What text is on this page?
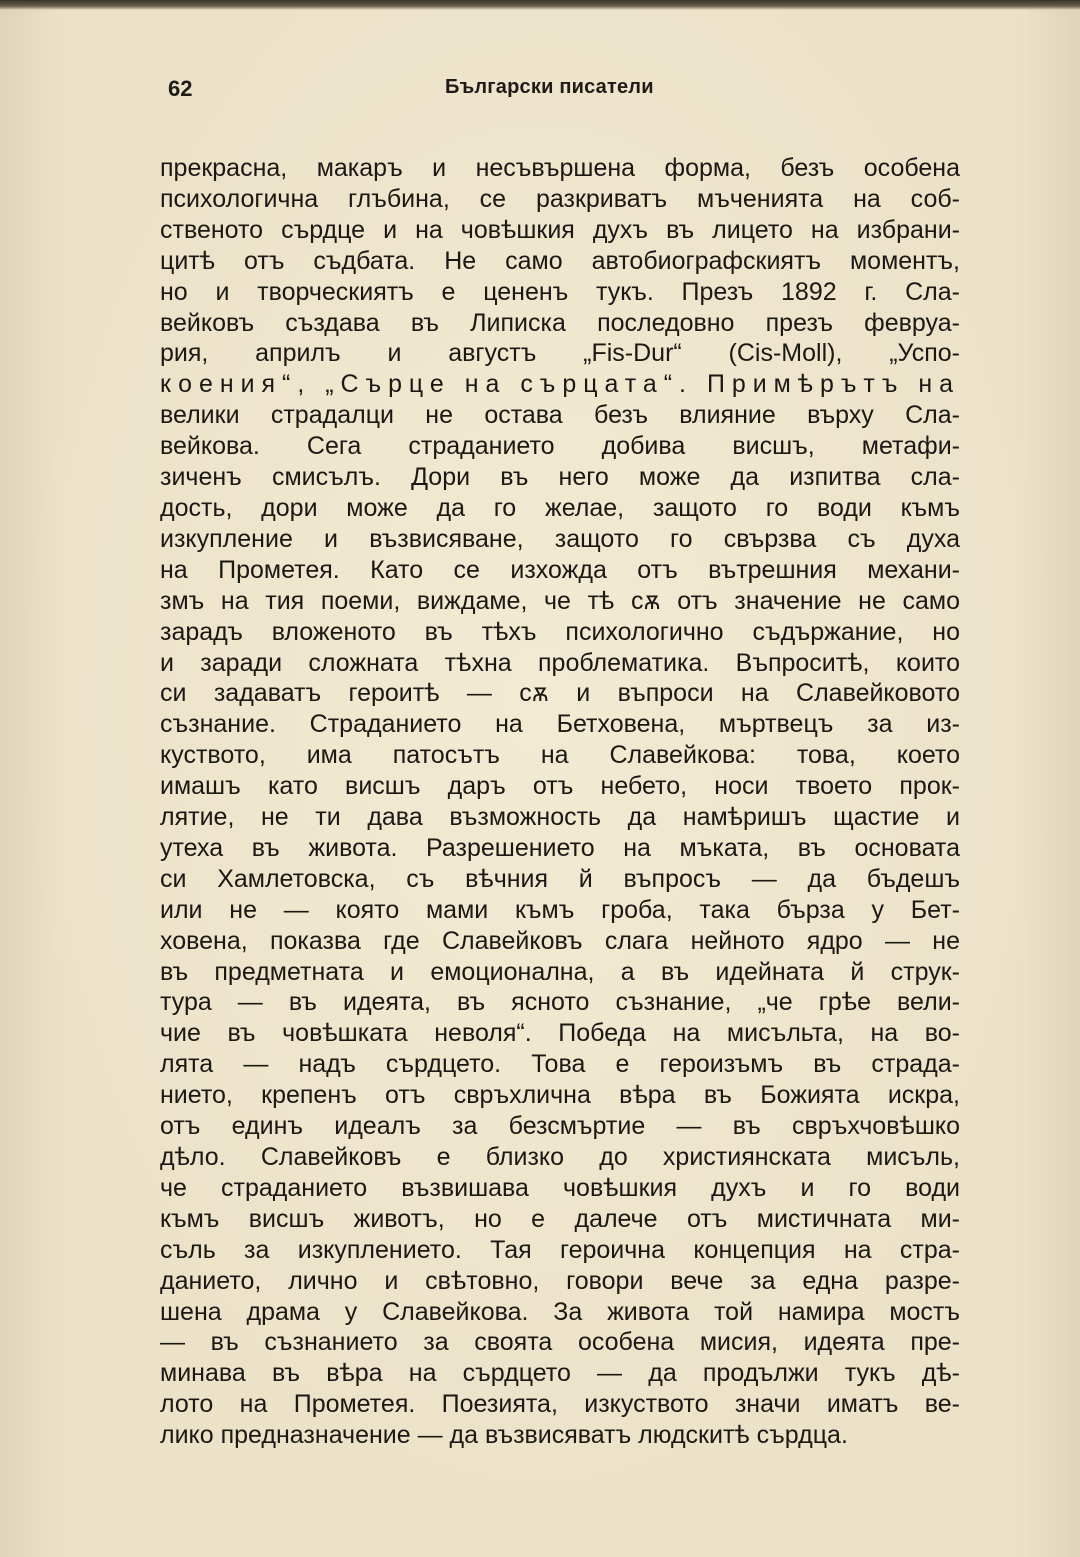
62	Български писатели
прекрасна, макаръ и несъвършена форма, безъ особена
психологична глъбина, се разкриватъ мъченията на соб-
ственото сърдце и на човѣшкия духъ въ лицето на избрани-
цитѣ отъ съдбата. Не само автобиографскиятъ моментъ,
но и творческиятъ е цененъ тукъ. Презъ 1892 г. Сла-
вейковъ създава въ Липиска последовно презъ февруа-
рия, априлъ и августъ „Fis-Dur“ (Cis-Moll), „Успо-
коения“, „Сърце на сърцата“. Примѣрътъ на
велики страдалци не остава безъ влияние върху Сла-
вейкова. Сега страданието добива висшъ, метафи-
зиченъ смисълъ. Дори въ него може да изпитва сла-
дость, дори може да го желае, защото го води къмъ
изкупление и възвисяване, защото го свързва съ духа
на Прометея. Като се изхожда отъ вътрешния механи-
змъ на тия поеми, виждаме, че тѣ сѫ отъ значение не само
зарадъ вложеното въ тѣхъ психологично съдържание, но
и заради сложната тѣхна проблематика. Въпроситѣ, които
си задаватъ героитѣ — сѫ и въпроси на Славейковото
съзнание. Страданието на Бетховена, мъртвецъ за из-
куството, има патосътъ на Славейкова: това, което
имашъ като висшъ даръ отъ небето, носи твоето прок-
лятие, не ти дава възможность да намѣришъ щастие и
утеха въ живота. Разрешението на мъката, въ основата
си Хамлетовска, съ вѣчния й въпросъ — да бъдешъ
или не — която мами къмъ гроба, така бърза у Бет-
ховена, показва где Славейковъ слага нейното ядро — не
въ предметната и емоционална, а въ идейната й струк-
тура — въ идеята, въ ясното съзнание, „че грѣе вели-
чие въ човѣшката неволя“. Победа на мисъльта, на во-
лята — надъ сърдцето. Това е героизъмъ въ страда-
нието, крепенъ отъ свръхлична вѣра въ Божията искра,
отъ единъ идеалъ за безсмъртие — въ свръхчовѣшко
дѣло. Славейковъ е близко до християнската мисъль,
че страданието възвишава човѣшкия духъ и го води
къмъ висшъ животъ, но е далече отъ мистичната ми-
съль за изкуплението. Тая героична концепция на стра-
данието, лично и свѣтовно, говори вече за една разре-
шена драма у Славейкова. За живота той намира мостъ
— въ съзнанието за своята особена мисия, идеята пре-
минава въ вѣра на сърдцето — да продължи тукъ дѣ-
лото на Прометея. Поезията, изкуството значи иматъ ве-
лико предназначение — да възвисяватъ людскитѣ сърдца.
